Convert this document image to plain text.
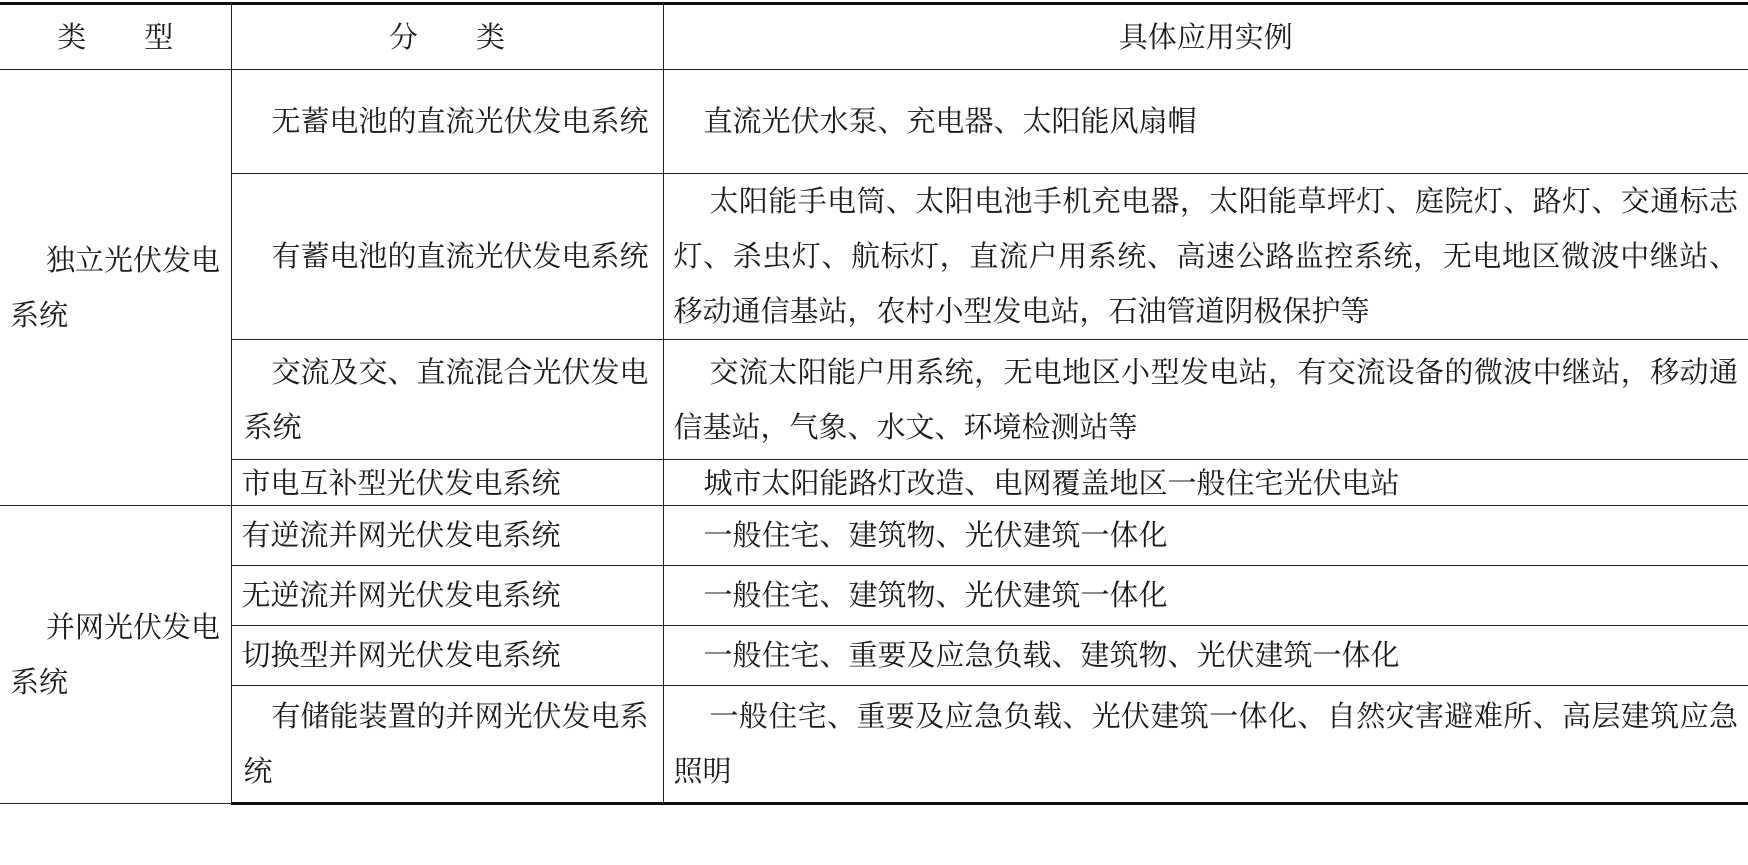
类　　型	分　　类	具体应用实例

独立光伏发电系统	无蓄电池的直流光伏发电系统	直流光伏水泵、充电器、太阳能风扇帽
	有蓄电池的直流光伏发电系统	太阳能手电筒、太阳电池手机充电器，太阳能草坪灯、庭院灯、路灯、交通标志灯、杀虫灯、航标灯，直流户用系统、高速公路监控系统，无电地区微波中继站、移动通信基站，农村小型发电站，石油管道阴极保护等
	交流及交、直流混合光伏发电系统	交流太阳能户用系统，无电地区小型发电站，有交流设备的微波中继站，移动通信基站，气象、水文、环境检测站等
	市电互补型光伏发电系统	城市太阳能路灯改造、电网覆盖地区一般住宅光伏电站

并网光伏发电系统	有逆流并网光伏发电系统	一般住宅、建筑物、光伏建筑一体化
	无逆流并网光伏发电系统	一般住宅、建筑物、光伏建筑一体化
	切换型并网光伏发电系统	一般住宅、重要及应急负载、建筑物、光伏建筑一体化
	有储能装置的并网光伏发电系统	一般住宅、重要及应急负载、光伏建筑一体化、自然灾害避难所、高层建筑应急照明
